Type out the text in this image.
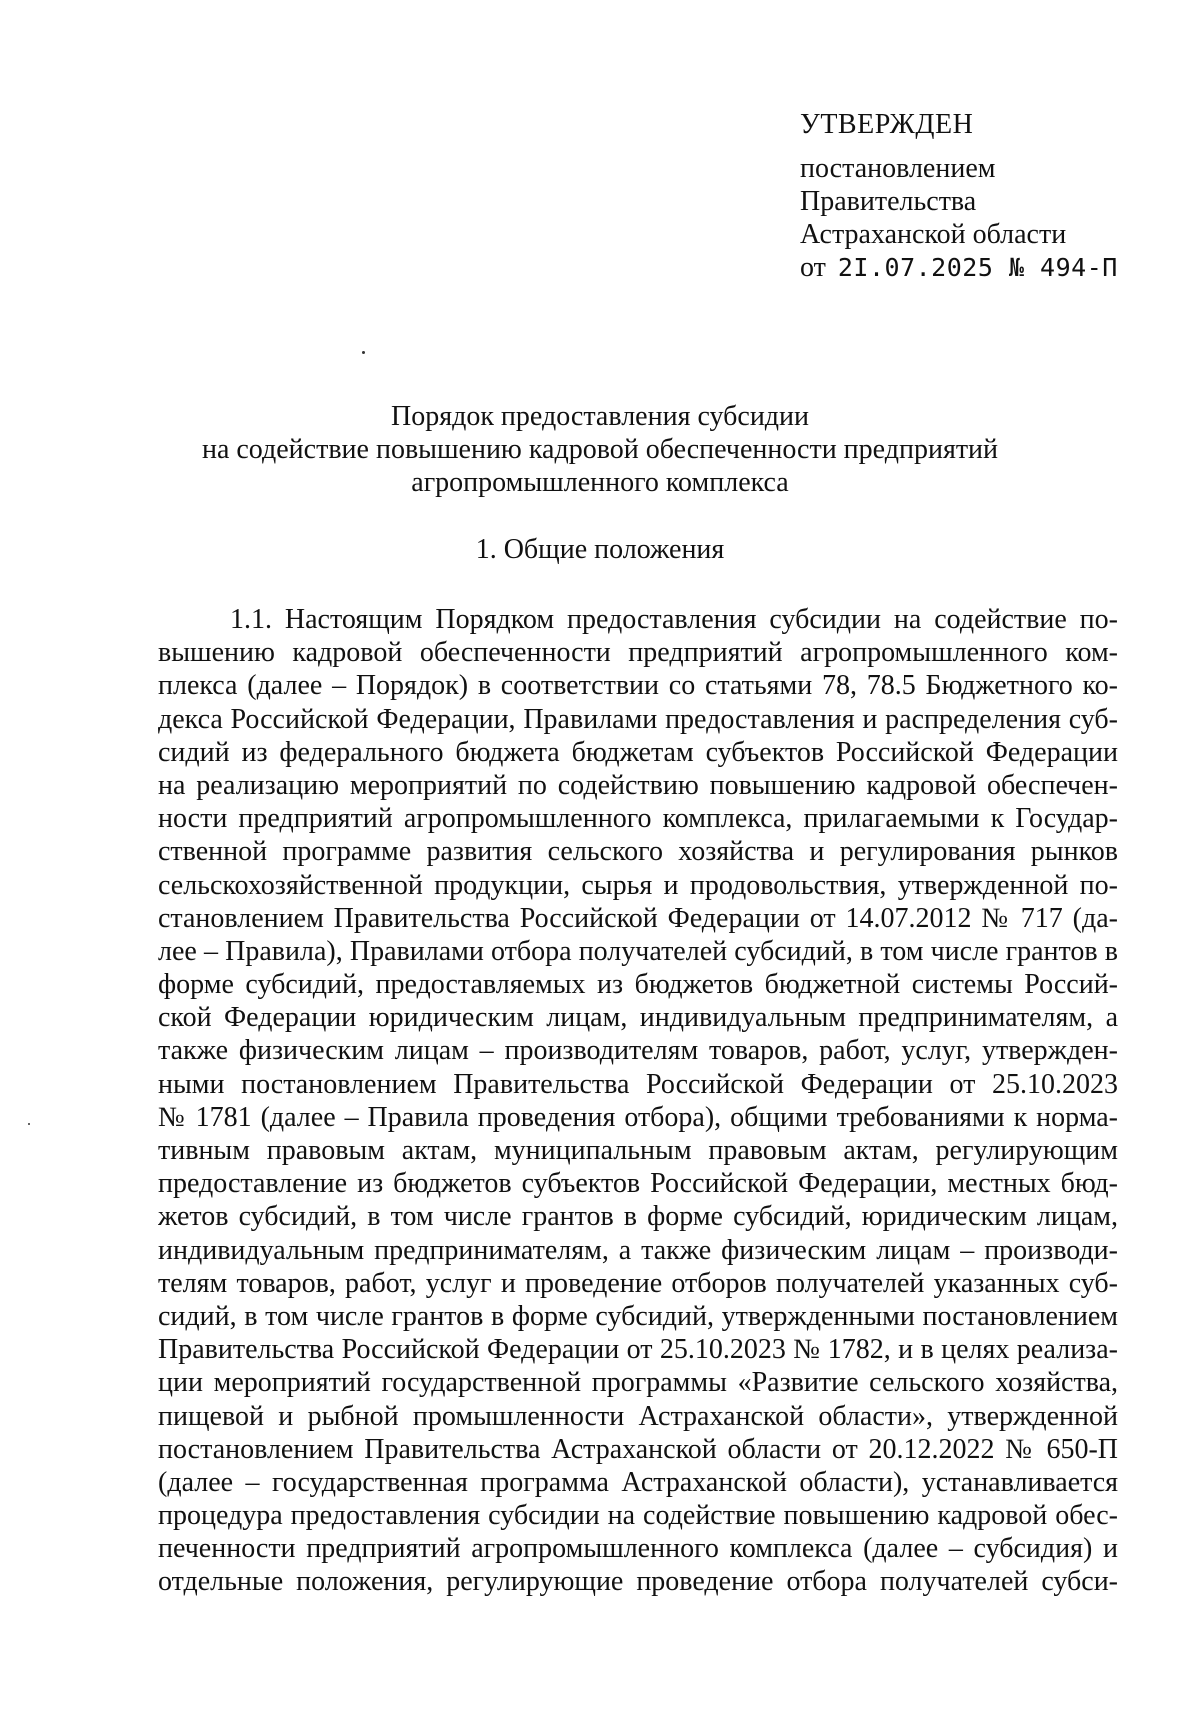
УТВЕРЖДЕН
постановлением
Правительства
Астраханской области
от 2I.07.2025 № 494-П
Порядок предоставления субсидии
на содействие повышению кадровой обеспеченности предприятий
агропромышленного комплекса
1. Общие положения
1.1. Настоящим Порядком предоставления субсидии на содействие по-
вышению кадровой обеспеченности предприятий агропромышленного ком-
плекса (далее – Порядок) в соответствии со статьями 78, 78.5 Бюджетного ко-
декса Российской Федерации, Правилами предоставления и распределения суб-
сидий из федерального бюджета бюджетам субъектов Российской Федерации
на реализацию мероприятий по содействию повышению кадровой обеспечен-
ности предприятий агропромышленного комплекса, прилагаемыми к Государ-
ственной программе развития сельского хозяйства и регулирования рынков
сельскохозяйственной продукции, сырья и продовольствия, утвержденной по-
становлением Правительства Российской Федерации от 14.07.2012 № 717 (да-
лее – Правила), Правилами отбора получателей субсидий, в том числе грантов в
форме субсидий, предоставляемых из бюджетов бюджетной системы Россий-
ской Федерации юридическим лицам, индивидуальным предпринимателям, а
также физическим лицам – производителям товаров, работ, услуг, утвержден-
ными постановлением Правительства Российской Федерации от 25.10.2023
№ 1781 (далее – Правила проведения отбора), общими требованиями к норма-
тивным правовым актам, муниципальным правовым актам, регулирующим
предоставление из бюджетов субъектов Российской Федерации, местных бюд-
жетов субсидий, в том числе грантов в форме субсидий, юридическим лицам,
индивидуальным предпринимателям, а также физическим лицам – производи-
телям товаров, работ, услуг и проведение отборов получателей указанных суб-
сидий, в том числе грантов в форме субсидий, утвержденными постановлением
Правительства Российской Федерации от 25.10.2023 № 1782, и в целях реализа-
ции мероприятий государственной программы «Развитие сельского хозяйства,
пищевой и рыбной промышленности Астраханской области», утвержденной
постановлением Правительства Астраханской области от 20.12.2022 № 650-П
(далее – государственная программа Астраханской области), устанавливается
процедура предоставления субсидии на содействие повышению кадровой обес-
печенности предприятий агропромышленного комплекса (далее – субсидия) и
отдельные положения, регулирующие проведение отбора получателей субси-
